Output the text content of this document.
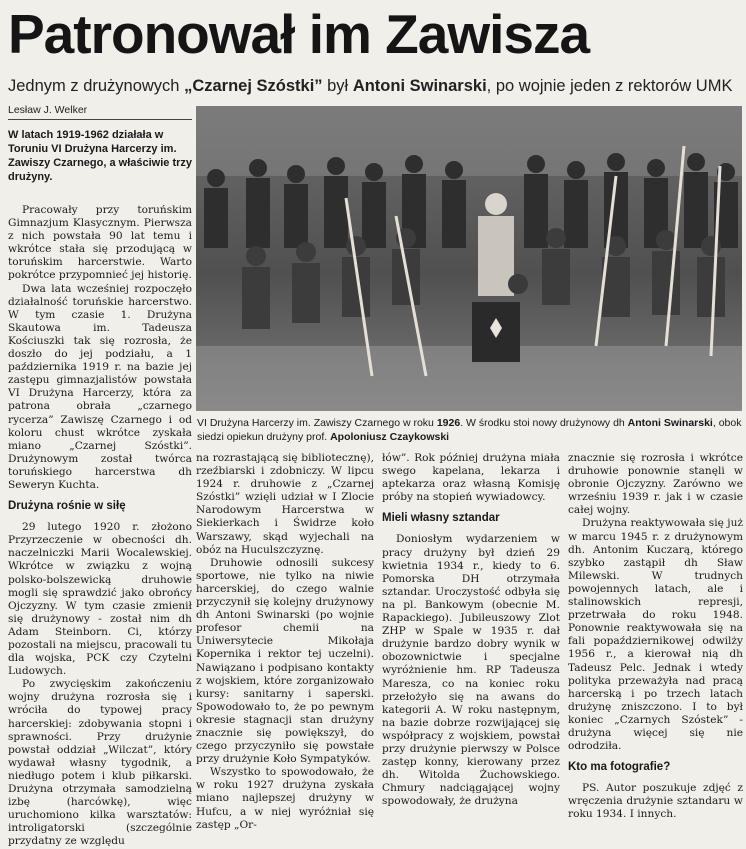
Patronował im Zawisza
Jednym z drużynowych „Czarnej Szóstki” był Antoni Swinarski, po wojnie jeden z rektorów UMK
Lesław J. Welker
W latach 1919-1962 działała w Toruniu VI Drużyna Harcerzy im. Zawiszy Czarnego, a właściwie trzy drużyny.

Pracowały przy toruńskim Gimnazjum Klasycznym. Pierwsza z nich powstała 90 lat temu i wkrótce stała się przodującą w toruńskim harcerstwie. Warto pokrótce przypomnieć jej historię.

Dwa lata wcześniej rozpoczęło działalność toruńskie harcerstwo. W tym czasie 1. Drużyna Skautowa im. Tadeusza Kościuszki tak się rozrosła, że doszło do jej podziału, a 1 października 1919 r. na bazie jej zastępu gimnazjalistów powstała VI Drużyna Harcerzy, która za patrona obrała „czarnego rycerza” Zawiszę Czarnego i od koloru chust wkrótce zyskała miano „Czarnej Szóstki”. Drużynowym został twórca toruńskiego harcerstwa dh Seweryn Kuchta.

Drużyna rośnie w siłę

29 lutego 1920 r. złożono Przyrzeczenie w obecności dh. naczelniczki Marii Wocalewskiej. Wkrótce w związku z wojną polsko-bolszewicką druhowie mogli się sprawdzić jako obrońcy Ojczyzny. W tym czasie zmienił się drużynowy - został nim dh Adam Steinborn. Ci, którzy pozostali na miejscu, pracowali tu dla wojska, PCK czy Czytelni Ludowych.

Po zwycięskim zakończeniu wojny drużyna rozrosła się i wróciła do typowej pracy harcerskiej: zdobywania stopni i sprawności. Przy drużynie powstał oddział „Wilczat”, który wydawał własny tygodnik, a niedługo potem i klub piłkarski. Drużyna otrzymała samodzielną izbę (harcówkę), więc uruchomiono kilka warsztatów: introligatorski (szczególnie przydatny ze względu

VI Drużyna Harcerzy im. Zawiszy Czarnego w roku 1926. W środku stoi nowy drużynowy dh Antoni Swinarski, obok siedzi opiekun drużyny prof. Apoloniusz Czaykowski

na rozrastającą się bibliotecznę), rzeźbiarski i zdobniczy. W lipcu 1924 r. druhowie z „Czarnej Szóstki” wzięli udział w I Zlocie Narodowym Harcerstwa w Siekierkach i Świdrze koło Warszawy, skąd wyjechali na obóz na Huculszczyznę.

Druhowie odnosili sukcesy sportowe, nie tylko na niwie harcerskiej, do czego walnie przyczynił się kolejny drużynowy dh Antoni Swinarski (po wojnie profesor chemii na Uniwersytecie Mikołaja Kopernika i rektor tej uczelni). Nawiązano i podpisano kontakty z wojskiem, które zorganizowało kursy: sanitarny i saperski. Spowodowało to, że po pewnym okresie stagnacji stan drużyny znacznie się powiększył, do czego przyczyniło się powstałe przy drużynie Koło Sympatyków.

Wszystko to spowodowało, że w roku 1927 drużyna zyskała miano najlepszej drużyny w Hufcu, a w niej wyróżniał się zastęp „Or-

łów”. Rok później drużyna miała swego kapelana, lekarza i aptekarza oraz własną Komisję próby na stopień wywiadowcy.

Mieli własny sztandar

Doniosłym wydarzeniem w pracy drużyny był dzień 29 kwietnia 1934 r., kiedy to 6. Pomorska DH otrzymała sztandar. Uroczystość odbyła się na pl. Bankowym (obecnie M. Rapackiego). Jubileuszowy Zlot ZHP w Spale w 1935 r. dał drużynie bardzo dobry wynik w obozownictwie i specjalne wyróżnienie hm. RP Tadeusza Maresza, co na koniec roku przełożyło się na awans do kategorii A. W roku następnym, na bazie dobrze rozwijającej się współpracy z wojskiem, powstał przy drużynie pierwszy w Polsce zastęp konny, kierowany przez dh. Witolda Żuchowskiego. Chmury nadciągającej wojny spowodowały, że drużyna

znacznie się rozrosła i wkrótce druhowie ponownie stanęli w obronie Ojczyzny. Zarówno we wrześniu 1939 r. jak i w czasie całej wojny.

Drużyna reaktywowała się już w marcu 1945 r. z drużynowym dh. Antonim Kuczarą, którego szybko zastąpił dh Sław Milewski. W trudnych powojennych latach, ale i stalinowskich represji, przetrwała do roku 1948. Ponownie reaktywowała się na fali popaździernikowej odwilży 1956 r., a kierował nią dh Tadeusz Pelc. Jednak i wtedy polityka przeważyła nad pracą harcerską i po trzech latach drużynę zniszczono. I to był koniec „Czarnych Szóstek” - drużyna więcej się nie odrodziła.

Kto ma fotografie?

PS. Autor poszukuje zdjęć z wręczenia drużynie sztandaru w roku 1934. I innych.
